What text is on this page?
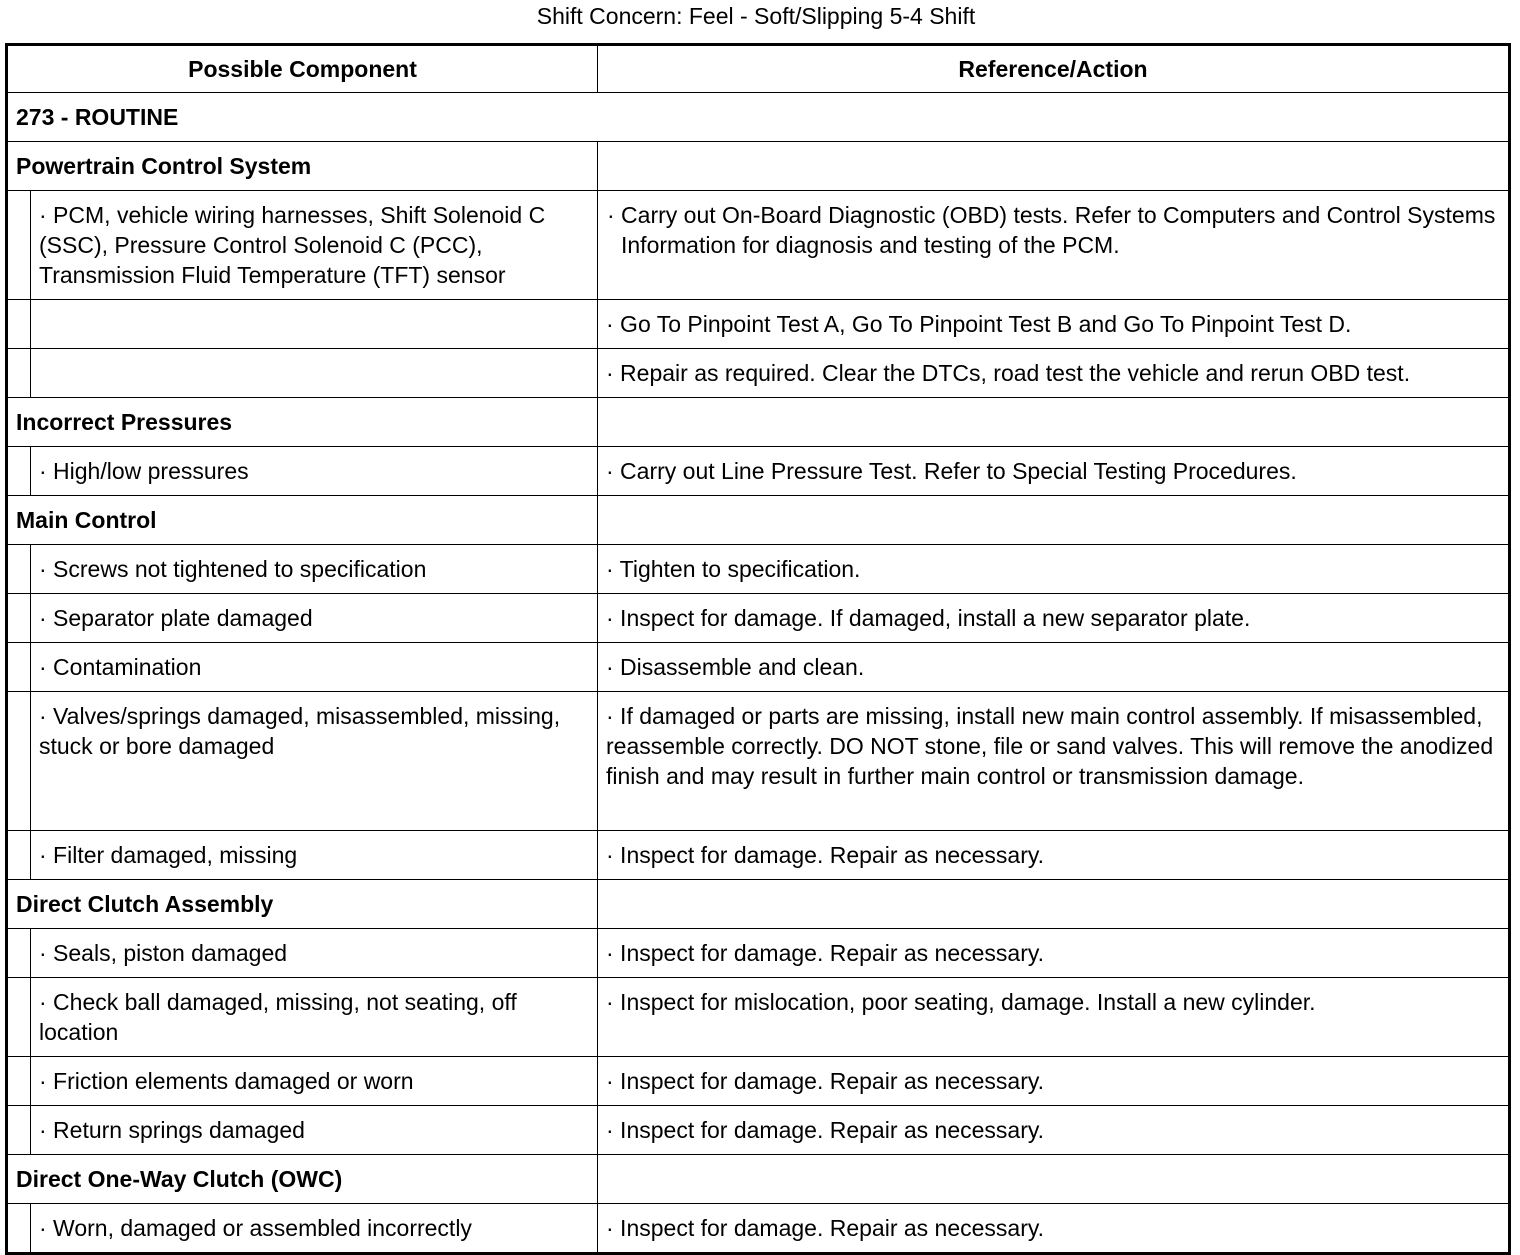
Shift Concern: Feel - Soft/Slipping 5-4 Shift
Possible Component		Reference/Action
273 - ROUTINE		
Powertrain Control System		
	· PCM, vehicle wiring harnesses, Shift Solenoid C (SSC), Pressure Control Solenoid C (PCC), Transmission Fluid Temperature (TFT) sensor	· Carry out On-Board Diagnostic (OBD) tests. Refer to Computers and Control Systems Information for diagnosis and testing of the PCM.
		· Go To Pinpoint Test A, Go To Pinpoint Test B and Go To Pinpoint Test D.
		· Repair as required. Clear the DTCs, road test the vehicle and rerun OBD test.
Incorrect Pressures		
	· High/low pressures	· Carry out Line Pressure Test. Refer to Special Testing Procedures.
Main Control		
	· Screws not tightened to specification	· Tighten to specification.
	· Separator plate damaged	· Inspect for damage. If damaged, install a new separator plate.
	· Contamination	· Disassemble and clean.
	· Valves/springs damaged, misassembled, missing, stuck or bore damaged	· If damaged or parts are missing, install new main control assembly. If misassembled, reassemble correctly. DO NOT stone, file or sand valves. This will remove the anodized finish and may result in further main control or transmission damage.
	· Filter damaged, missing	· Inspect for damage. Repair as necessary.
Direct Clutch Assembly		
	· Seals, piston damaged	· Inspect for damage. Repair as necessary.
	· Check ball damaged, missing, not seating, off location	· Inspect for mislocation, poor seating, damage. Install a new cylinder.
	· Friction elements damaged or worn	· Inspect for damage. Repair as necessary.
	· Return springs damaged	· Inspect for damage. Repair as necessary.
Direct One-Way Clutch (OWC)		
	· Worn, damaged or assembled incorrectly	· Inspect for damage. Repair as necessary.
